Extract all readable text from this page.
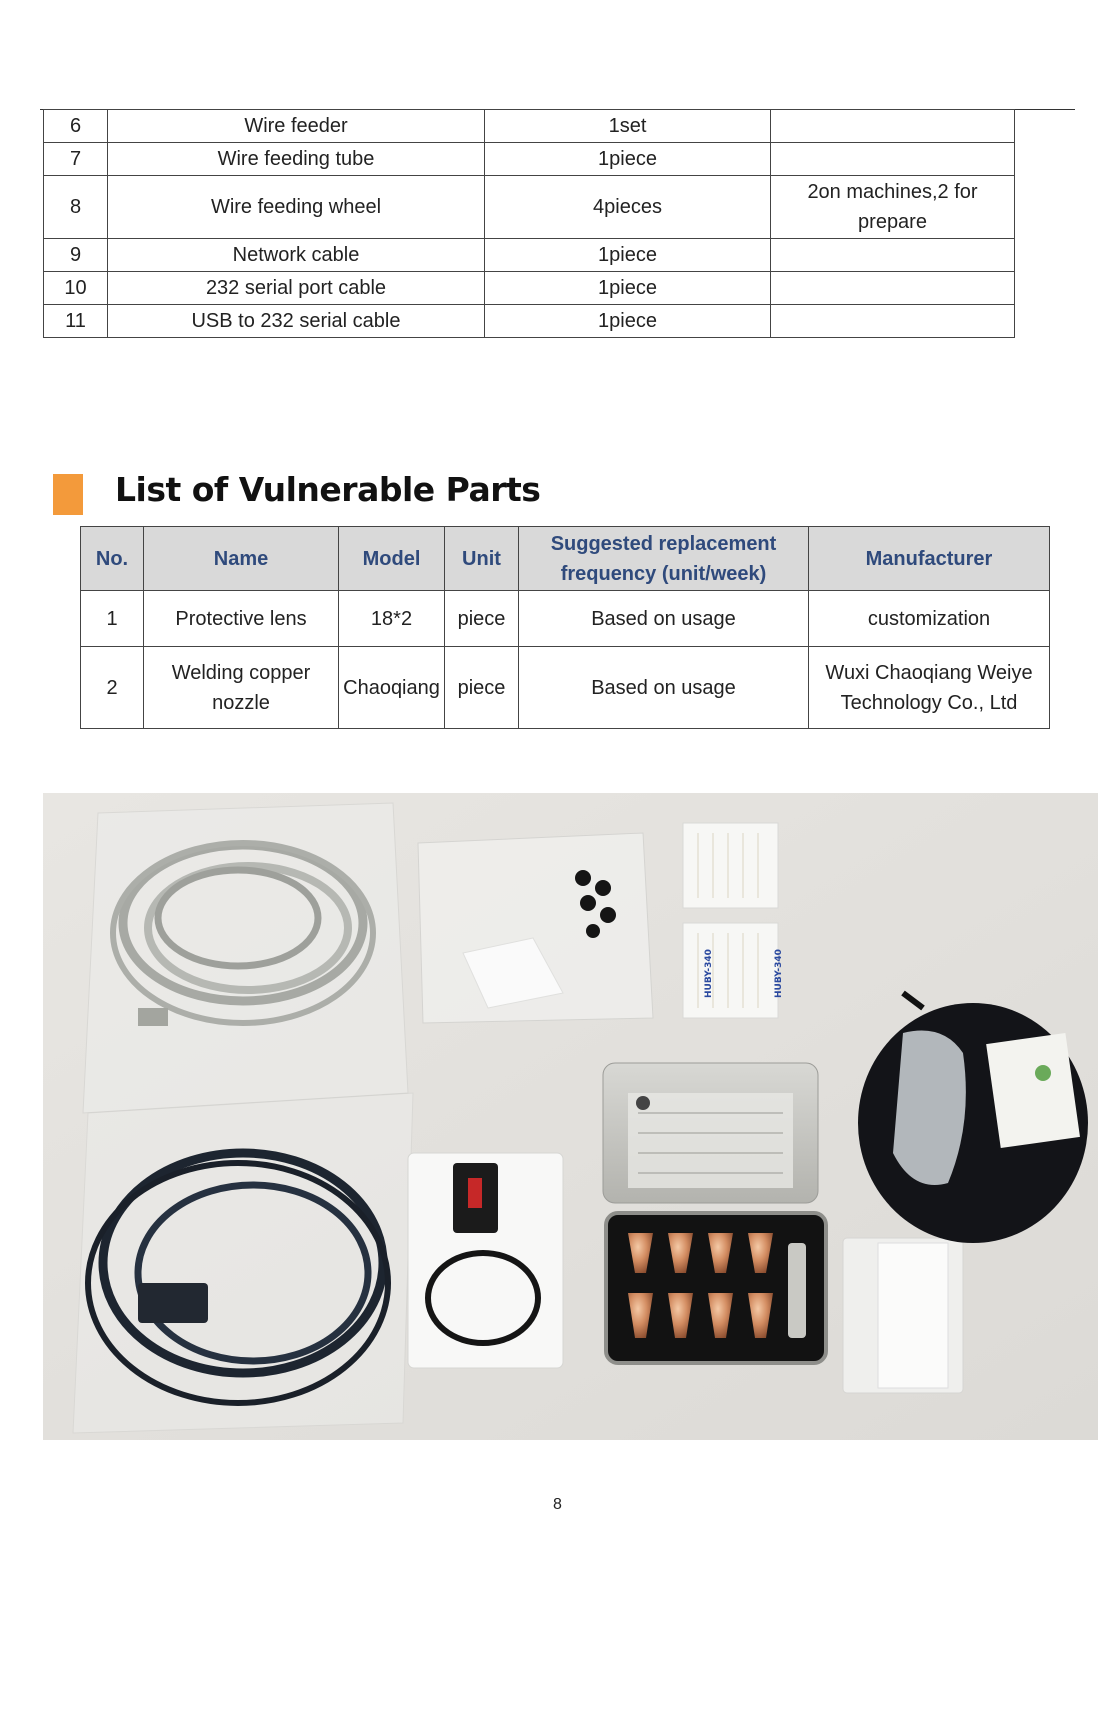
6	Wire feeder	1set	
7	Wire feeding tube	1piece	
8	Wire feeding wheel	4pieces	2on machines,2 for prepare
9	Network cable	1piece	
10	232 serial port cable	1piece	
11	USB to 232 serial cable	1piece	
List of Vulnerable Parts
No.	Name	Model	Unit	Suggested replacement frequency (unit/week)	Manufacturer
1	Protective lens	18*2	piece	Based on usage	customization
2	Welding copper nozzle	Chaoqiang	piece	Based on usage	Wuxi Chaoqiang Weiye Technology Co., Ltd
HUBY-340	HUBY-340
8
